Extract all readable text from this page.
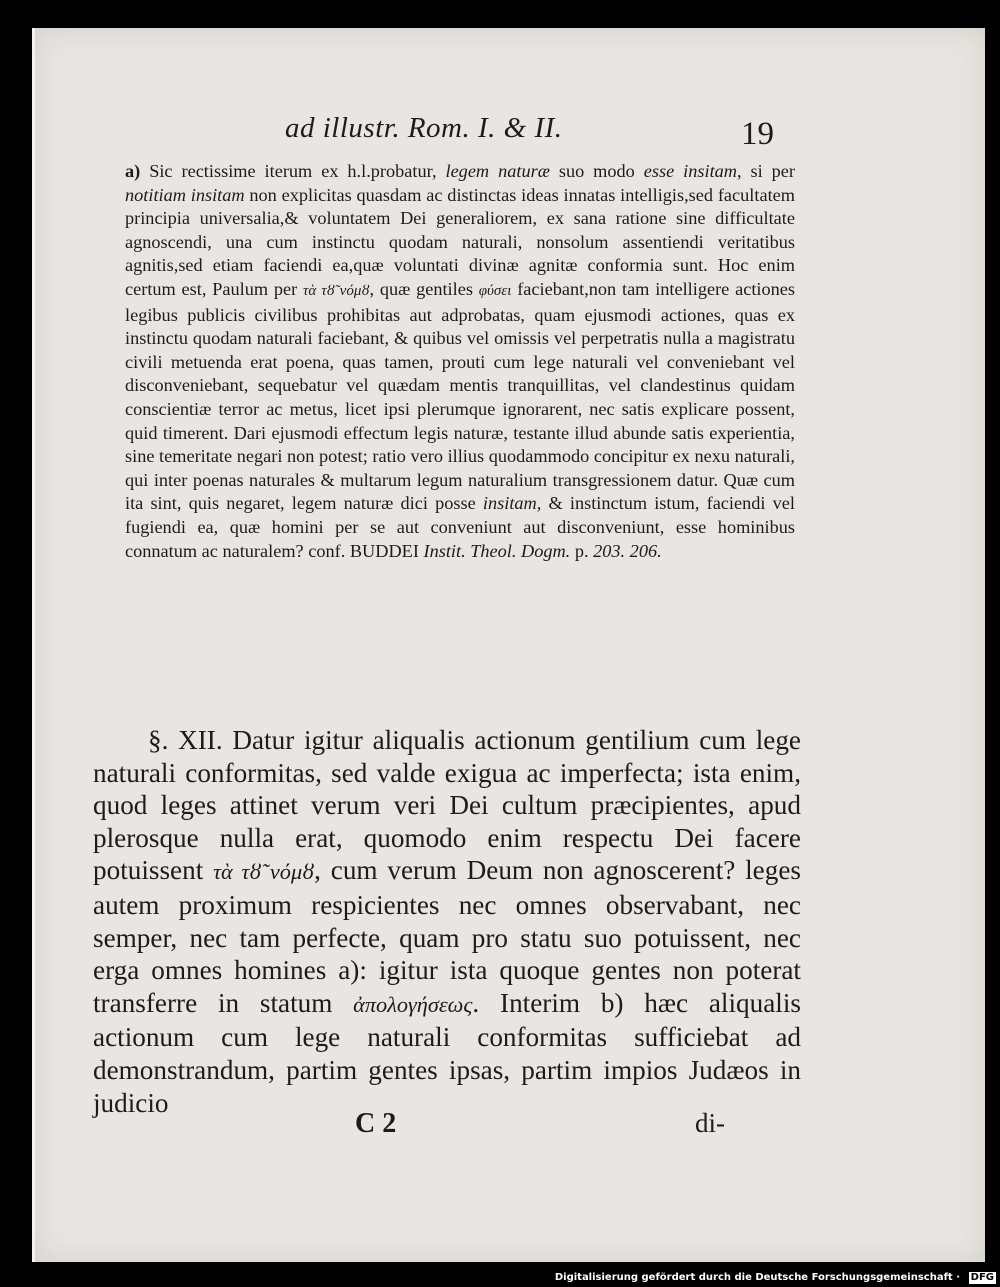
ad illustr. Rom. I. & II.	19

a) Sic rectissime iterum ex h.l.probatur, legem naturæ suo modo esse insitam, si per notitiam insitam non explicitas quasdam ac distinctas ideas innatas intelligis,sed facultatem principia universalia,& voluntatem Dei generaliorem, ex sana ratione sine difficultate agnoscendi, una cum instinctu quodam naturali, nonsolum assentiendi veritatibus agnitis,sed etiam faciendi ea,quæ voluntati divinæ agnitæ conformia sunt. Hoc enim certum est, Paulum per τὰ τȣ̃ νόμȣ, quæ gentiles φύσει faciebant,non tam intelligere actiones legibus publicis civilibus prohibitas aut adprobatas, quam ejusmodi actiones, quas ex instinctu quodam naturali faciebant, & quibus vel omissis vel perpetratis nulla a magistratu civili metuenda erat poena, quas tamen, prouti cum lege naturali vel conveniebant vel disconveniebant, sequebatur vel quædam mentis tranquillitas, vel clandestinus quidam conscientiæ terror ac metus, licet ipsi plerumque ignorarent, nec satis explicare possent, quid timerent. Dari ejusmodi effectum legis naturæ, testante illud abunde satis experientia, sine temeritate negari non potest; ratio vero illius quodammodo concipitur ex nexu naturali, qui inter poenas naturales & multarum legum naturalium transgressionem datur. Quæ cum ita sint, quis negaret, legem naturæ dici posse insitam, & instinctum istum, faciendi vel fugiendi ea, quæ homini per se aut conveniunt aut disconveniunt, esse hominibus connatum ac naturalem? conf. BUDDEI Instit. Theol. Dogm. p. 203. 206.

§. XII. Datur igitur aliqualis actionum gentilium cum lege naturali conformitas, sed valde exigua ac imperfecta; ista enim, quod leges attinet verum veri Dei cultum præcipientes, apud plerosque nulla erat, quomodo enim respectu Dei facere potuissent τὰ τȣ̃ νόμȣ, cum verum Deum non agnoscerent? leges autem proximum respicientes nec omnes observabant, nec semper, nec tam perfecte, quam pro statu suo potuissent, nec erga omnes homines a): igitur ista quoque gentes non poterat transferre in statum ἀπολογήσεως. Interim b) hæc aliqualis actionum cum lege naturali conformitas sufficiebat ad demonstrandum, partim gentes ipsas, partim impios Judæos in judicio

C 2	di-
Digitalisierung gefördert durch die Deutsche Forschungsgemeinschaft · DFG
